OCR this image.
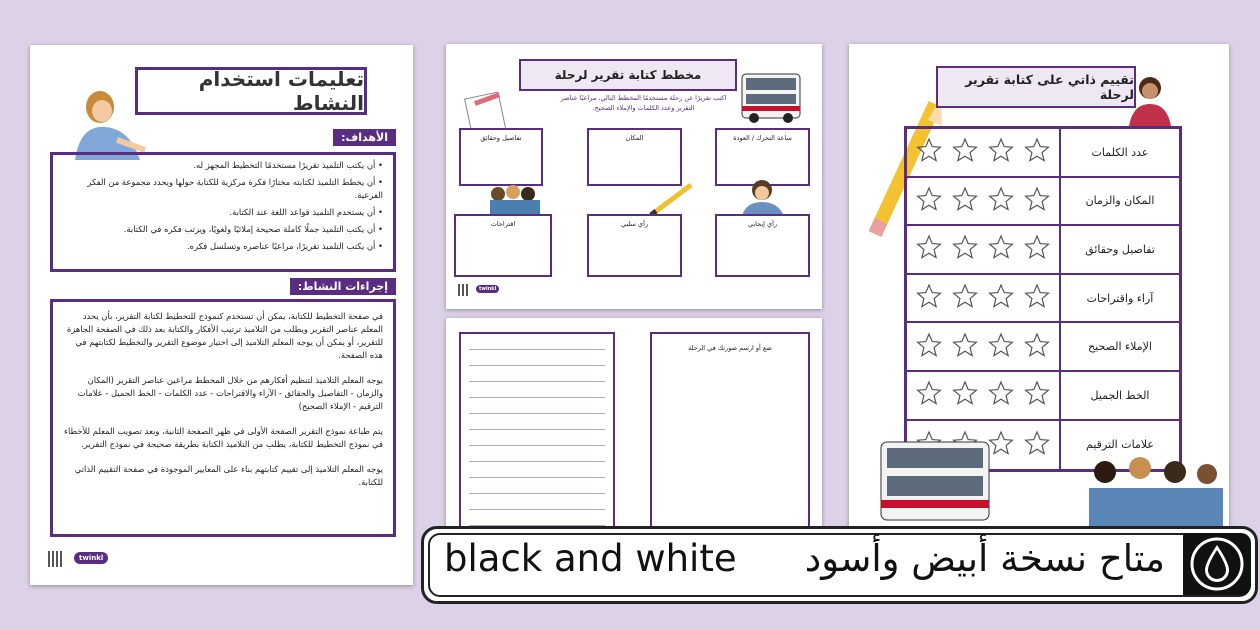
تعليمات استخدام النشاط
الأهداف:
• أن يكتب التلميذ تقريرًا مستخدمًا التخطيط المجهز له.
• أن يخطط التلميذ لكتابته مختارًا فكرة مركزية للكتابة حولها ويحدد مجموعة من الفكر الفرعية.
• أن يستخدم التلميذ قواعد اللغة عند الكتابة.
• أن يكتب التلميذ جملًا كاملة صحيحة إملائيًا ولغويًا، ويرتب فكره في الكتابة.
• أن يكتب التلميذ تقريرًا، مراعيًا عناصره وتسلسل فكره.
إجراءات النشاط:

في صفحة التخطيط للكتابة، يمكن أن تستخدم كنموذج للتخطيط لكتابة التقرير، بأن يحدد المعلم عناصر التقرير ويطلب من التلاميذ ترتيب الأفكار والكتابة بعد ذلك في الصفحة الجاهزة للتقرير، أو يمكن أن يوجه المعلم التلاميذ إلى اختيار موضوع التقرير والتخطيط لكتابتهم في هذه الصفحة.

يوجه المعلم التلاميذ لتنظيم أفكارهم من خلال المخطط مراعين عناصر التقرير (المكان والزمان - التفاصيل والحقائق - الآراء والاقتراحات - عدد الكلمات - الخط الجميل - علامات الترقيم - الإملاء الصحيح)

يتم طباعة نموذج التقرير الصفحة الأولى في ظهر الصفحة الثانية، وبعد تصويب المعلم للأخطاء في نموذج التخطيط للكتابة، يطلب من التلاميذ الكتابة بطريقة صحيحة في نموذج التقرير.

يوجه المعلم التلاميذ إلى تقييم كتابتهم بناء على المعايير الموجودة في صفحة التقييم الذاتي للكتابة.

twinkl
مخطط كتابة تقرير لرحلة
اكتب تقريرًا عن رحلة مستخدمًا المخطط التالي، مراعيًا عناصر التقرير وعدد الكلمات والإملاء الصحيح.
تفاصيل وحقائق	المكان	ساعة التحرك / العودة
اقتراحات	رأي سلبي	رأي إيجابي
twinkl
ضع أو ارسم صورتك في الرحلة
تقييم ذاتي على كتابة تقرير لرحلة
عدد الكلمات
المكان والزمان
تفاصيل وحقائق
آراء واقتراحات
الإملاء الصحيح
الخط الجميل
علامات الترقيم
black and white متاح نسخة أبيض وأسود
